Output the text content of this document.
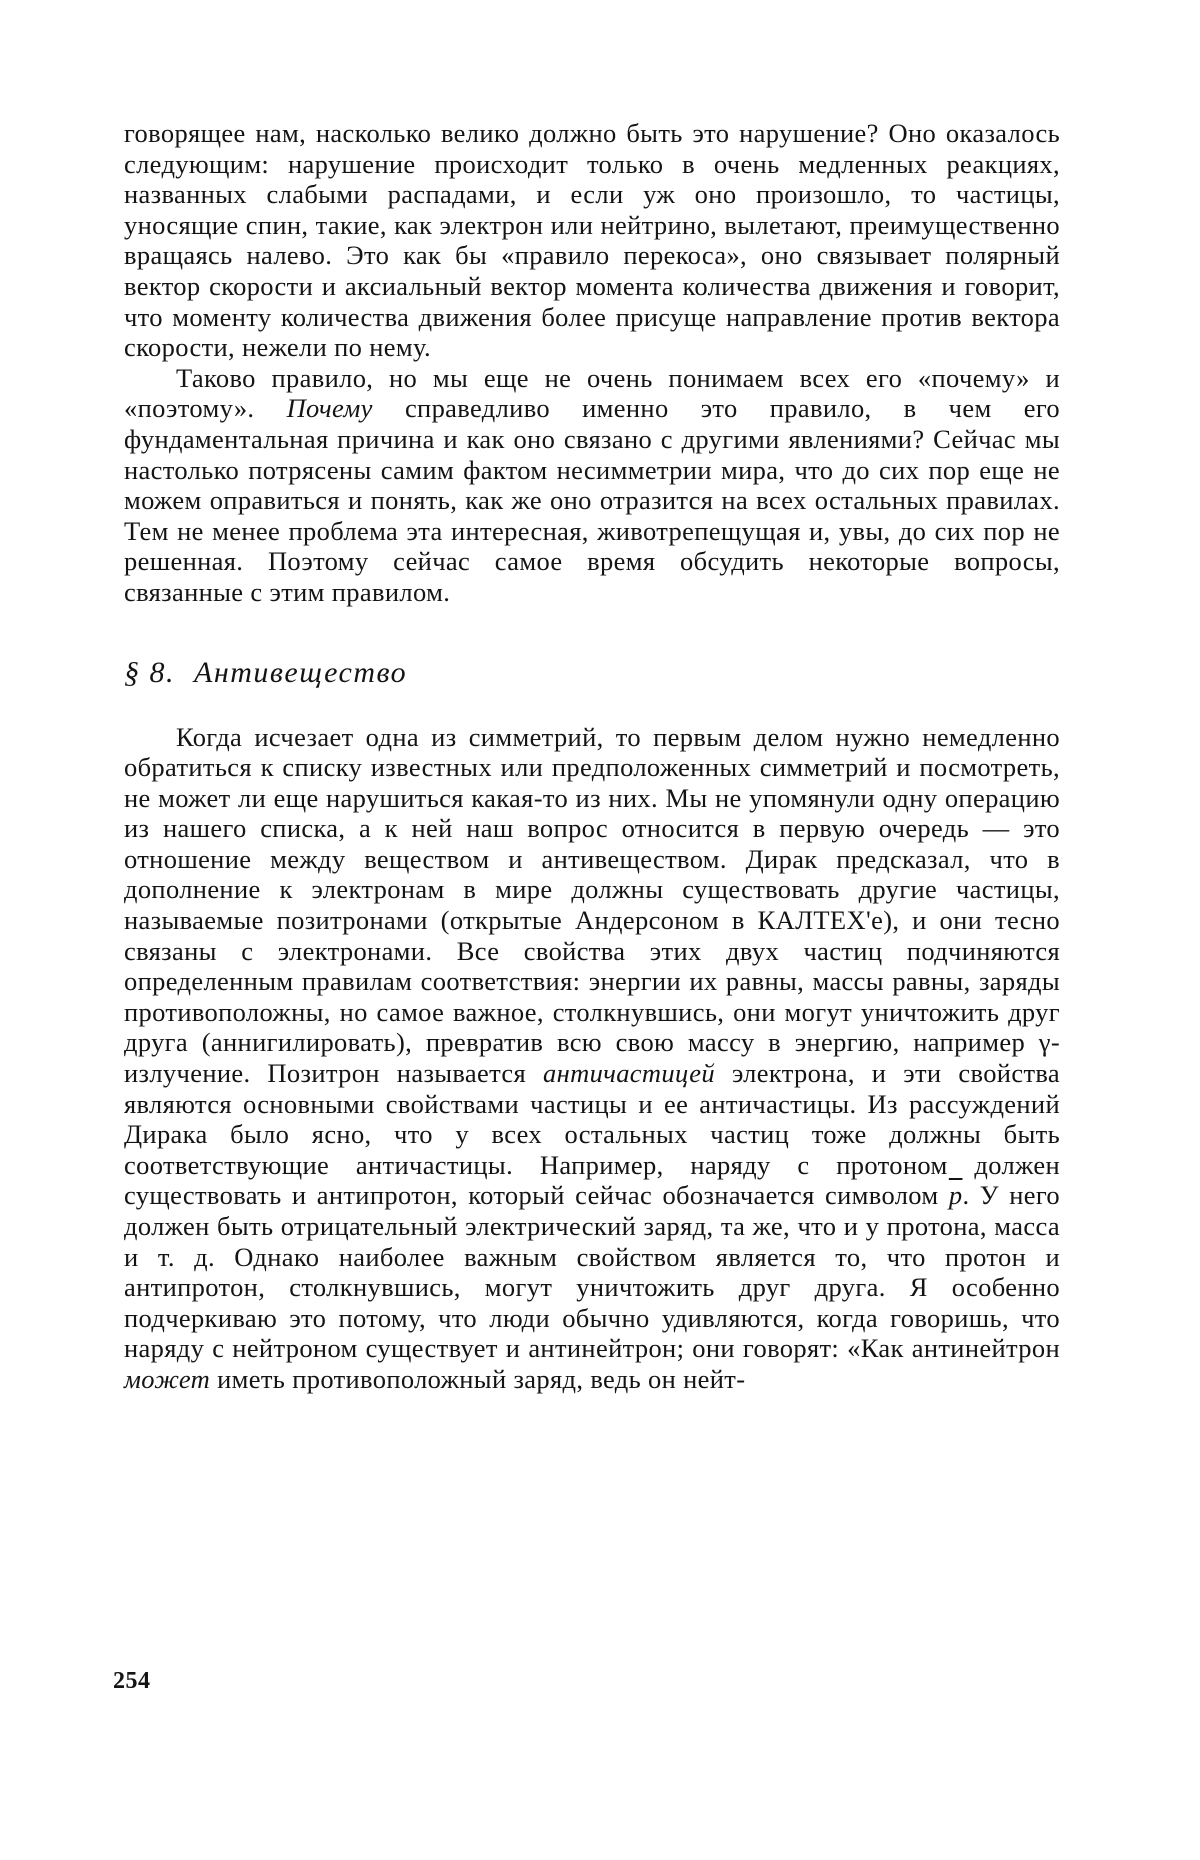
говорящее нам, насколько велико должно быть это нарушение? Оно оказалось следующим: нарушение происходит только в очень медленных реакциях, названных слабыми распадами, и если уж оно произошло, то частицы, уносящие спин, такие, как электрон или нейтрино, вылетают, преимущественно вращаясь налево. Это как бы «правило перекоса», оно связывает полярный вектор скорости и аксиальный вектор момента количества движения и говорит, что моменту количества движения более присуще направление против вектора скорости, нежели по нему.

Таково правило, но мы еще не очень понимаем всех его «почему» и «поэтому». Почему справедливо именно это правило, в чем его фундаментальная причина и как оно связано с другими явлениями? Сейчас мы настолько потрясены самим фактом несимметрии мира, что до сих пор еще не можем оправиться и понять, как же оно отразится на всех остальных правилах. Тем не менее проблема эта интересная, животрепещущая и, увы, до сих пор не решенная. Поэтому сейчас самое время обсудить некоторые вопросы, связанные с этим правилом.

§ 8. Антивещество

Когда исчезает одна из симметрий, то первым делом нужно немедленно обратиться к списку известных или предположенных симметрий и посмотреть, не может ли еще нарушиться какая-то из них. Мы не упомянули одну операцию из нашего списка, а к ней наш вопрос относится в первую очередь — это отношение между веществом и антивеществом. Дирак предсказал, что в дополнение к электронам в мире должны существовать другие частицы, называемые позитронами (открытые Андерсоном в КАЛТЕХ'е), и они тесно связаны с электронами. Все свойства этих двух частиц подчиняются определенным правилам соответствия: энергии их равны, массы равны, заряды противоположны, но самое важное, столкнувшись, они могут уничтожить друг друга (аннигилировать), превратив всю свою массу в энергию, например γ-излучение. Позитрон называется античастицей электрона, и эти свойства являются основными свойствами частицы и ее античастицы. Из рассуждений Дирака было ясно, что у всех остальных частиц тоже должны быть соответствующие античастицы. Например, наряду с протоном должен существовать и антипротон, который сейчас обозначается символом $\overline{p}$. У него должен быть отрицательный электрический заряд, та же, что и у протона, масса и т. д. Однако наиболее важным свойством является то, что протон и антипротон, столкнувшись, могут уничтожить друг друга. Я особенно подчеркиваю это потому, что люди обычно удивляются, когда говоришь, что наряду с нейтроном существует и антинейтрон; они говорят: «Как антинейтрон может иметь противоположный заряд, ведь он нейт-

254
